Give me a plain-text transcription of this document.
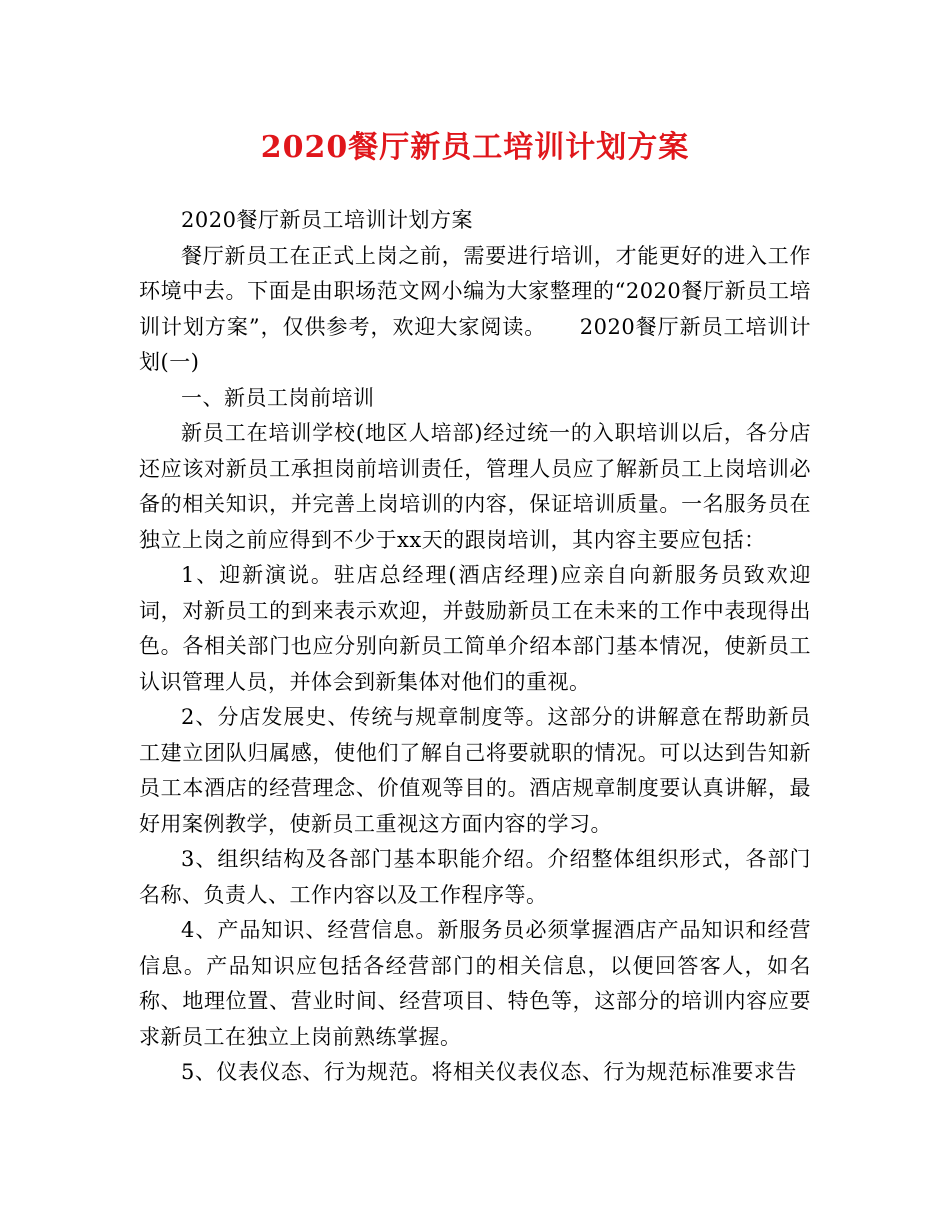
2020餐厅新员工培训计划方案

2020餐厅新员工培训计划方案

餐厅新员工在正式上岗之前，需要进行培训，才能更好的进入工作环境中去。下面是由职场范文网小编为大家整理的“2020餐厅新员工培训计划方案”，仅供参考，欢迎大家阅读。　　2020餐厅新员工培训计划(一)

一、新员工岗前培训

新员工在培训学校(地区人培部)经过统一的入职培训以后，各分店还应该对新员工承担岗前培训责任，管理人员应了解新员工上岗培训必备的相关知识，并完善上岗培训的内容，保证培训质量。一名服务员在独立上岗之前应得到不少于xx天的跟岗培训，其内容主要应包括：

1、迎新演说。驻店总经理(酒店经理)应亲自向新服务员致欢迎词，对新员工的到来表示欢迎，并鼓励新员工在未来的工作中表现得出色。各相关部门也应分别向新员工简单介绍本部门基本情况，使新员工认识管理人员，并体会到新集体对他们的重视。

2、分店发展史、传统与规章制度等。这部分的讲解意在帮助新员工建立团队归属感，使他们了解自己将要就职的情况。可以达到告知新员工本酒店的经营理念、价值观等目的。酒店规章制度要认真讲解，最好用案例教学，使新员工重视这方面内容的学习。

3、组织结构及各部门基本职能介绍。介绍整体组织形式，各部门名称、负责人、工作内容以及工作程序等。

4、产品知识、经营信息。新服务员必须掌握酒店产品知识和经营信息。产品知识应包括各经营部门的相关信息，以便回答客人，如名称、地理位置、营业时间、经营项目、特色等，这部分的培训内容应要求新员工在独立上岗前熟练掌握。

5、仪表仪态、行为规范。将相关仪表仪态、行为规范标准要求告
